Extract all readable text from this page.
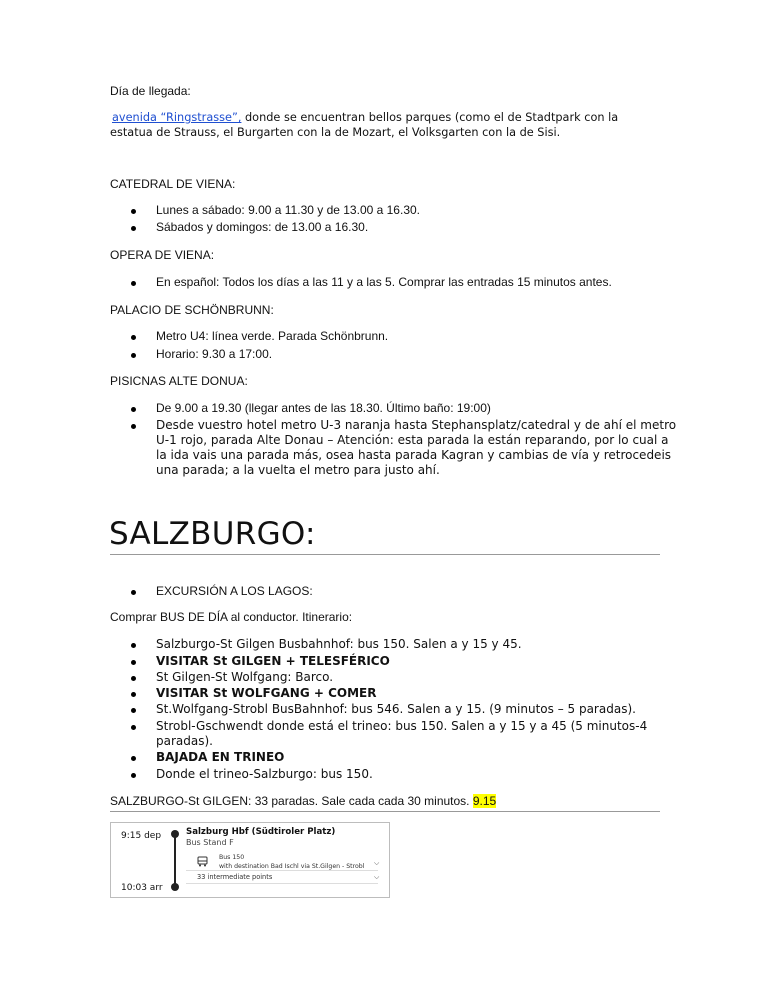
Día de llegada:
avenida “Ringstrasse”, donde se encuentran bellos parques (como el de Stadtpark con la
estatua de Strauss, el Burgarten con la de Mozart, el Volksgarten con la de Sisi.
CATEDRAL DE VIENA:
Lunes a sábado: 9.00 a 11.30 y de 13.00 a 16.30.
Sábados y domingos: de 13.00 a 16.30.
OPERA DE VIENA:
En español: Todos los días a las 11 y a las 5. Comprar las entradas 15 minutos antes.
PALACIO DE SCHÖNBRUNN:
Metro U4: línea verde. Parada Schönbrunn.
Horario: 9.30 a 17:00.
PISICNAS ALTE DONUA:
De 9.00 a 19.30 (llegar antes de las 18.30. Último baño: 19:00)
Desde vuestro hotel metro U-3 naranja hasta Stephansplatz/catedral y de ahí el metro
U-1 rojo, parada Alte Donau – Atención: esta parada la están reparando, por lo cual a
la ida vais una parada más, osea hasta parada Kagran y cambias de vía y retrocedeis
una parada; a la vuelta el metro para justo ahí.
SALZBURGO:
EXCURSIÓN A LOS LAGOS:
Comprar BUS DE DÍA al conductor. Itinerario:
Salzburgo-St Gilgen Busbahnhof: bus 150. Salen a y 15 y 45.
VISITAR St GILGEN + TELESFÉRICO
St Gilgen-St Wolfgang: Barco.
VISITAR St WOLFGANG + COMER
St.Wolfgang-Strobl BusBahnhof: bus 546. Salen a y 15. (9 minutos – 5 paradas).
Strobl-Gschwendt donde está el trineo: bus 150. Salen a y 15 y a 45 (5 minutos-4
paradas).
BAJADA EN TRINEO
Donde el trineo-Salzburgo: bus 150.
SALZBURGO-St GILGEN: 33 paradas. Sale cada cada 30 minutos. 9.15
9:15 dep	Salzburg Hbf (Südtiroler Platz)
Bus Stand F
Bus 150
with destination Bad Ischl via St.Gilgen - Strobl ⌵
33 intermediate points	⌵
10:03 arr
